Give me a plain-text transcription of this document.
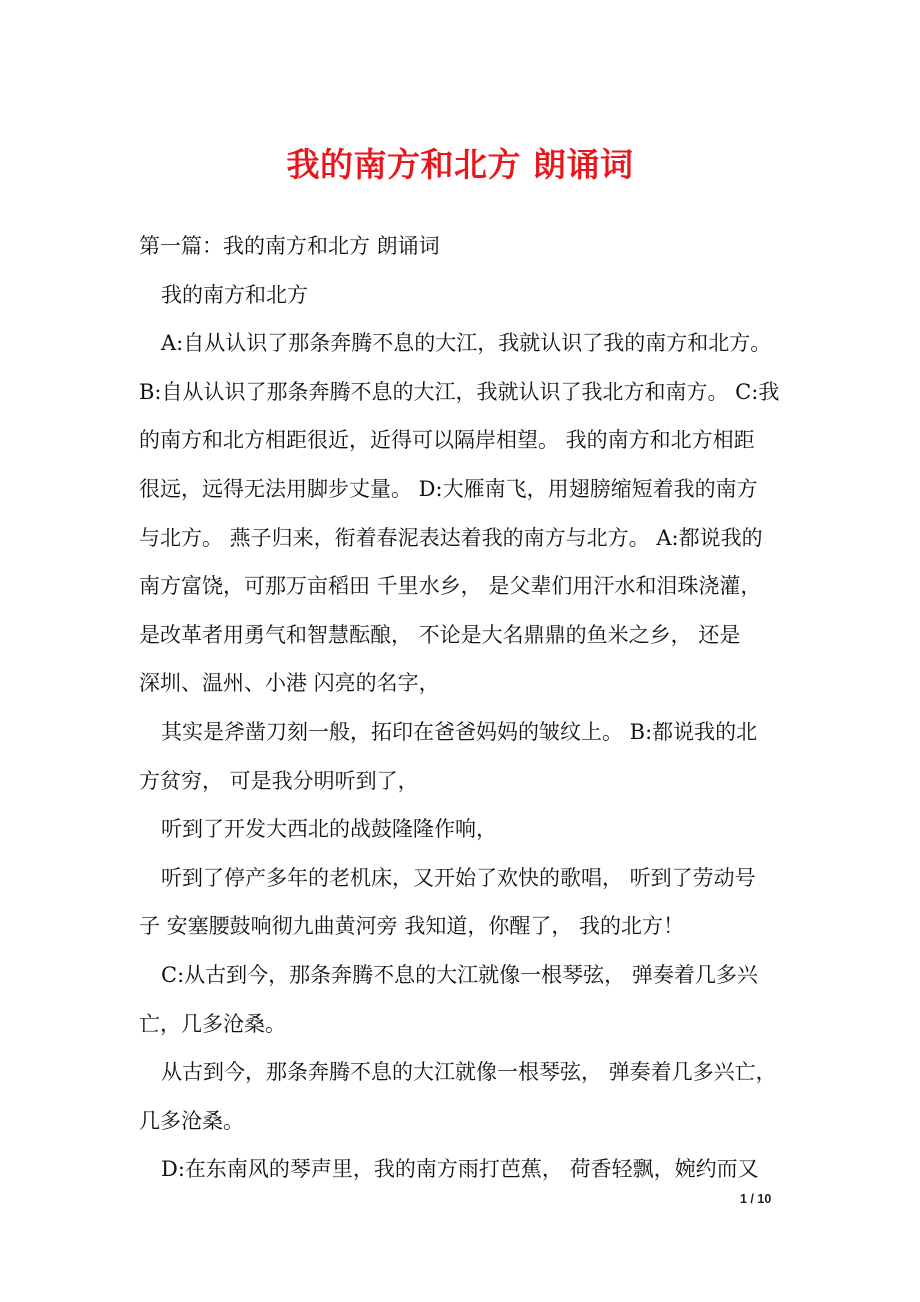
我的南方和北方 朗诵词
第一篇：我的南方和北方 朗诵词
我的南方和北方
A:自从认识了那条奔腾不息的大江，我就认识了我的南方和北方。
B:自从认识了那条奔腾不息的大江，我就认识了我北方和南方。 C:我
的南方和北方相距很近，近得可以隔岸相望。 我的南方和北方相距
很远，远得无法用脚步丈量。 D:大雁南飞，用翅膀缩短着我的南方
与北方。 燕子归来，衔着春泥表达着我的南方与北方。 A:都说我的
南方富饶，可那万亩稻田 千里水乡， 是父辈们用汗水和泪珠浇灌，
是改革者用勇气和智慧酝酿， 不论是大名鼎鼎的鱼米之乡， 还是
深圳、温州、小港 闪亮的名字，
其实是斧凿刀刻一般，拓印在爸爸妈妈的皱纹上。 B:都说我的北
方贫穷， 可是我分明听到了，
听到了开发大西北的战鼓隆隆作响，
听到了停产多年的老机床，又开始了欢快的歌唱， 听到了劳动号
子 安塞腰鼓响彻九曲黄河旁 我知道，你醒了， 我的北方！
C:从古到今，那条奔腾不息的大江就像一根琴弦， 弹奏着几多兴
亡，几多沧桑。
从古到今，那条奔腾不息的大江就像一根琴弦， 弹奏着几多兴亡，
几多沧桑。
D:在东南风的琴声里，我的南方雨打芭蕉， 荷香轻飘，婉约而又
1 / 10
